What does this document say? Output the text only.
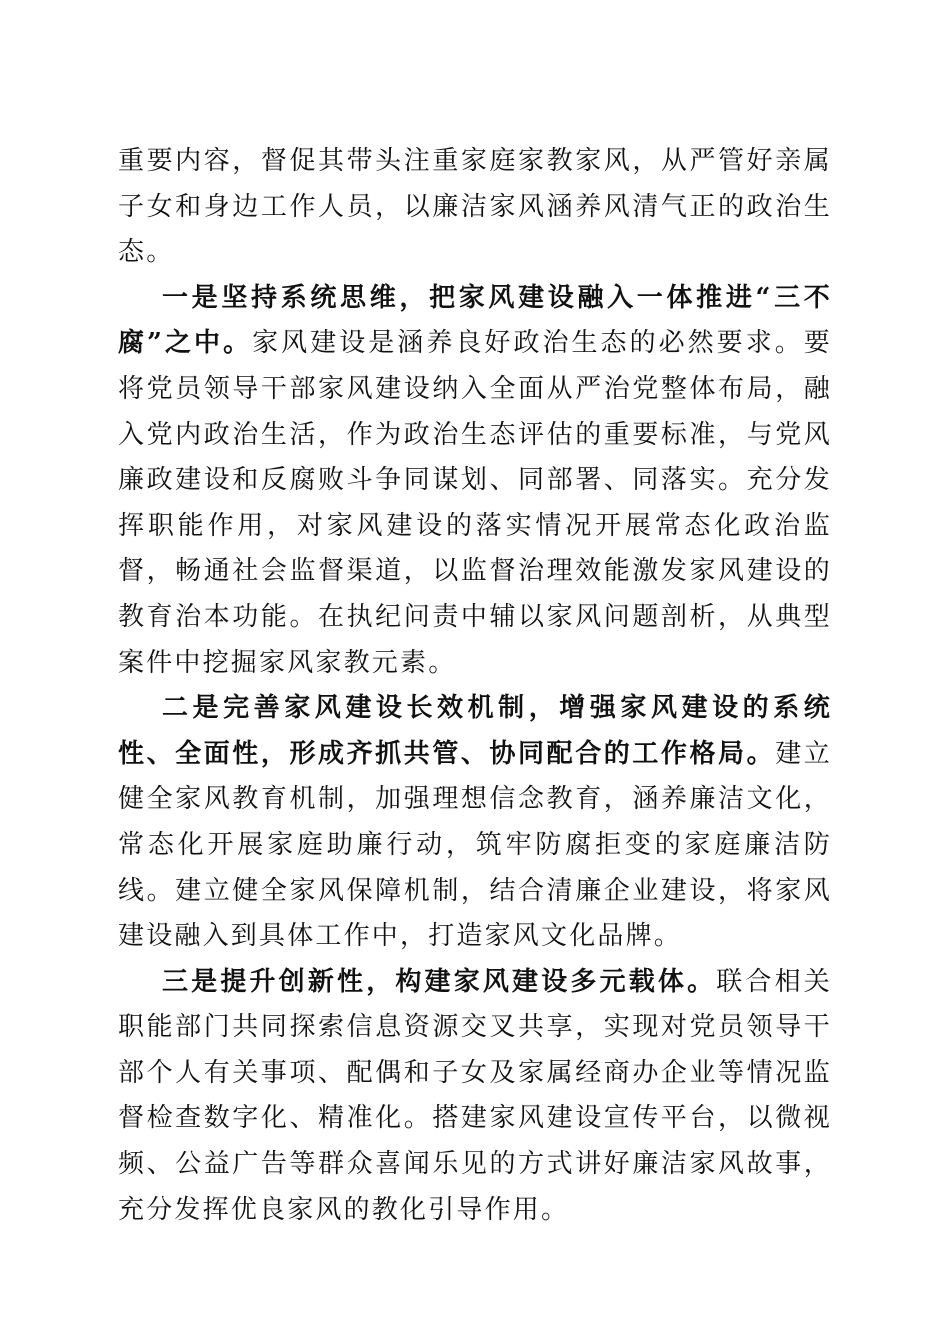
重要内容，督促其带头注重家庭家教家风，从严管好亲属子女和身边工作人员，以廉洁家风涵养风清气正的政治生态。

一是坚持系统思维，把家风建设融入一体推进“三不腐”之中。家风建设是涵养良好政治生态的必然要求。要将党员领导干部家风建设纳入全面从严治党整体布局，融入党内政治生活，作为政治生态评估的重要标准，与党风廉政建设和反腐败斗争同谋划、同部署、同落实。充分发挥职能作用，对家风建设的落实情况开展常态化政治监督，畅通社会监督渠道，以监督治理效能激发家风建设的教育治本功能。在执纪问责中辅以家风问题剖析，从典型案件中挖掘家风家教元素。

二是完善家风建设长效机制，增强家风建设的系统性、全面性，形成齐抓共管、协同配合的工作格局。建立健全家风教育机制，加强理想信念教育，涵养廉洁文化，常态化开展家庭助廉行动，筑牢防腐拒变的家庭廉洁防线。建立健全家风保障机制，结合清廉企业建设，将家风建设融入到具体工作中，打造家风文化品牌。

三是提升创新性，构建家风建设多元载体。联合相关职能部门共同探索信息资源交叉共享，实现对党员领导干部个人有关事项、配偶和子女及家属经商办企业等情况监督检查数字化、精准化。搭建家风建设宣传平台，以微视频、公益广告等群众喜闻乐见的方式讲好廉洁家风故事，充分发挥优良家风的教化引导作用。
